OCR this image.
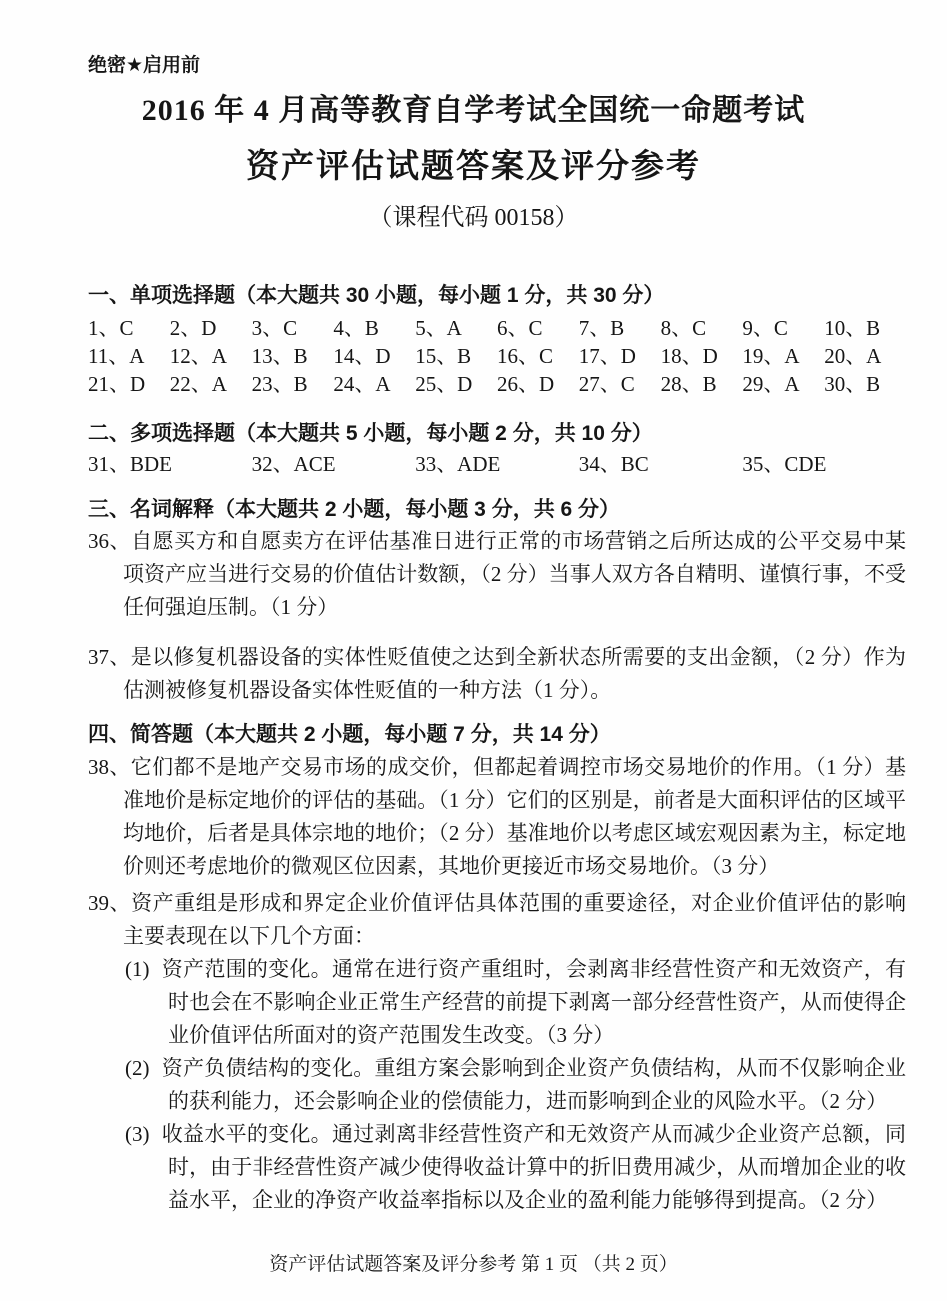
绝密★启用前
2016 年 4 月高等教育自学考试全国统一命题考试
资产评估试题答案及评分参考
（课程代码 00158）
一、单项选择题（本大题共 30 小题，每小题 1 分，共 30 分）
1、C	2、D	3、C	4、B	5、A	6、C	7、B	8、C	9、C	10、B
11、A	12、A	13、B	14、D	15、B	16、C	17、D	18、D	19、A	20、A
21、D	22、A	23、B	24、A	25、D	26、D	27、C	28、B	29、A	30、B
二、多项选择题（本大题共 5 小题，每小题 2 分，共 10 分）
31、BDE	32、ACE	33、ADE	34、BC	35、CDE
三、名词解释（本大题共 2 小题，每小题 3 分，共 6 分）
36、自愿买方和自愿卖方在评估基准日进行正常的市场营销之后所达成的公平交易中某项资产应当进行交易的价值估计数额，（2 分）当事人双方各自精明、谨慎行事，不受任何强迫压制。（1 分）
37、是以修复机器设备的实体性贬值使之达到全新状态所需要的支出金额，（2 分）作为估测被修复机器设备实体性贬值的一种方法（1 分）。
四、简答题（本大题共 2 小题，每小题 7 分，共 14 分）
38、它们都不是地产交易市场的成交价，但都起着调控市场交易地价的作用。（1 分）基准地价是标定地价的评估的基础。（1 分）它们的区别是，前者是大面积评估的区域平均地价，后者是具体宗地的地价；（2 分）基准地价以考虑区域宏观因素为主，标定地价则还考虑地价的微观区位因素，其地价更接近市场交易地价。（3 分）
39、资产重组是形成和界定企业价值评估具体范围的重要途径，对企业价值评估的影响主要表现在以下几个方面：
(1) 资产范围的变化。通常在进行资产重组时，会剥离非经营性资产和无效资产，有时也会在不影响企业正常生产经营的前提下剥离一部分经营性资产，从而使得企业价值评估所面对的资产范围发生改变。（3 分）
(2) 资产负债结构的变化。重组方案会影响到企业资产负债结构，从而不仅影响企业的获利能力，还会影响企业的偿债能力，进而影响到企业的风险水平。（2 分）
(3) 收益水平的变化。通过剥离非经营性资产和无效资产从而减少企业资产总额，同时，由于非经营性资产减少使得收益计算中的折旧费用减少，从而增加企业的收益水平，企业的净资产收益率指标以及企业的盈利能力能够得到提高。（2 分）
资产评估试题答案及评分参考 第 1 页 （共 2 页）
